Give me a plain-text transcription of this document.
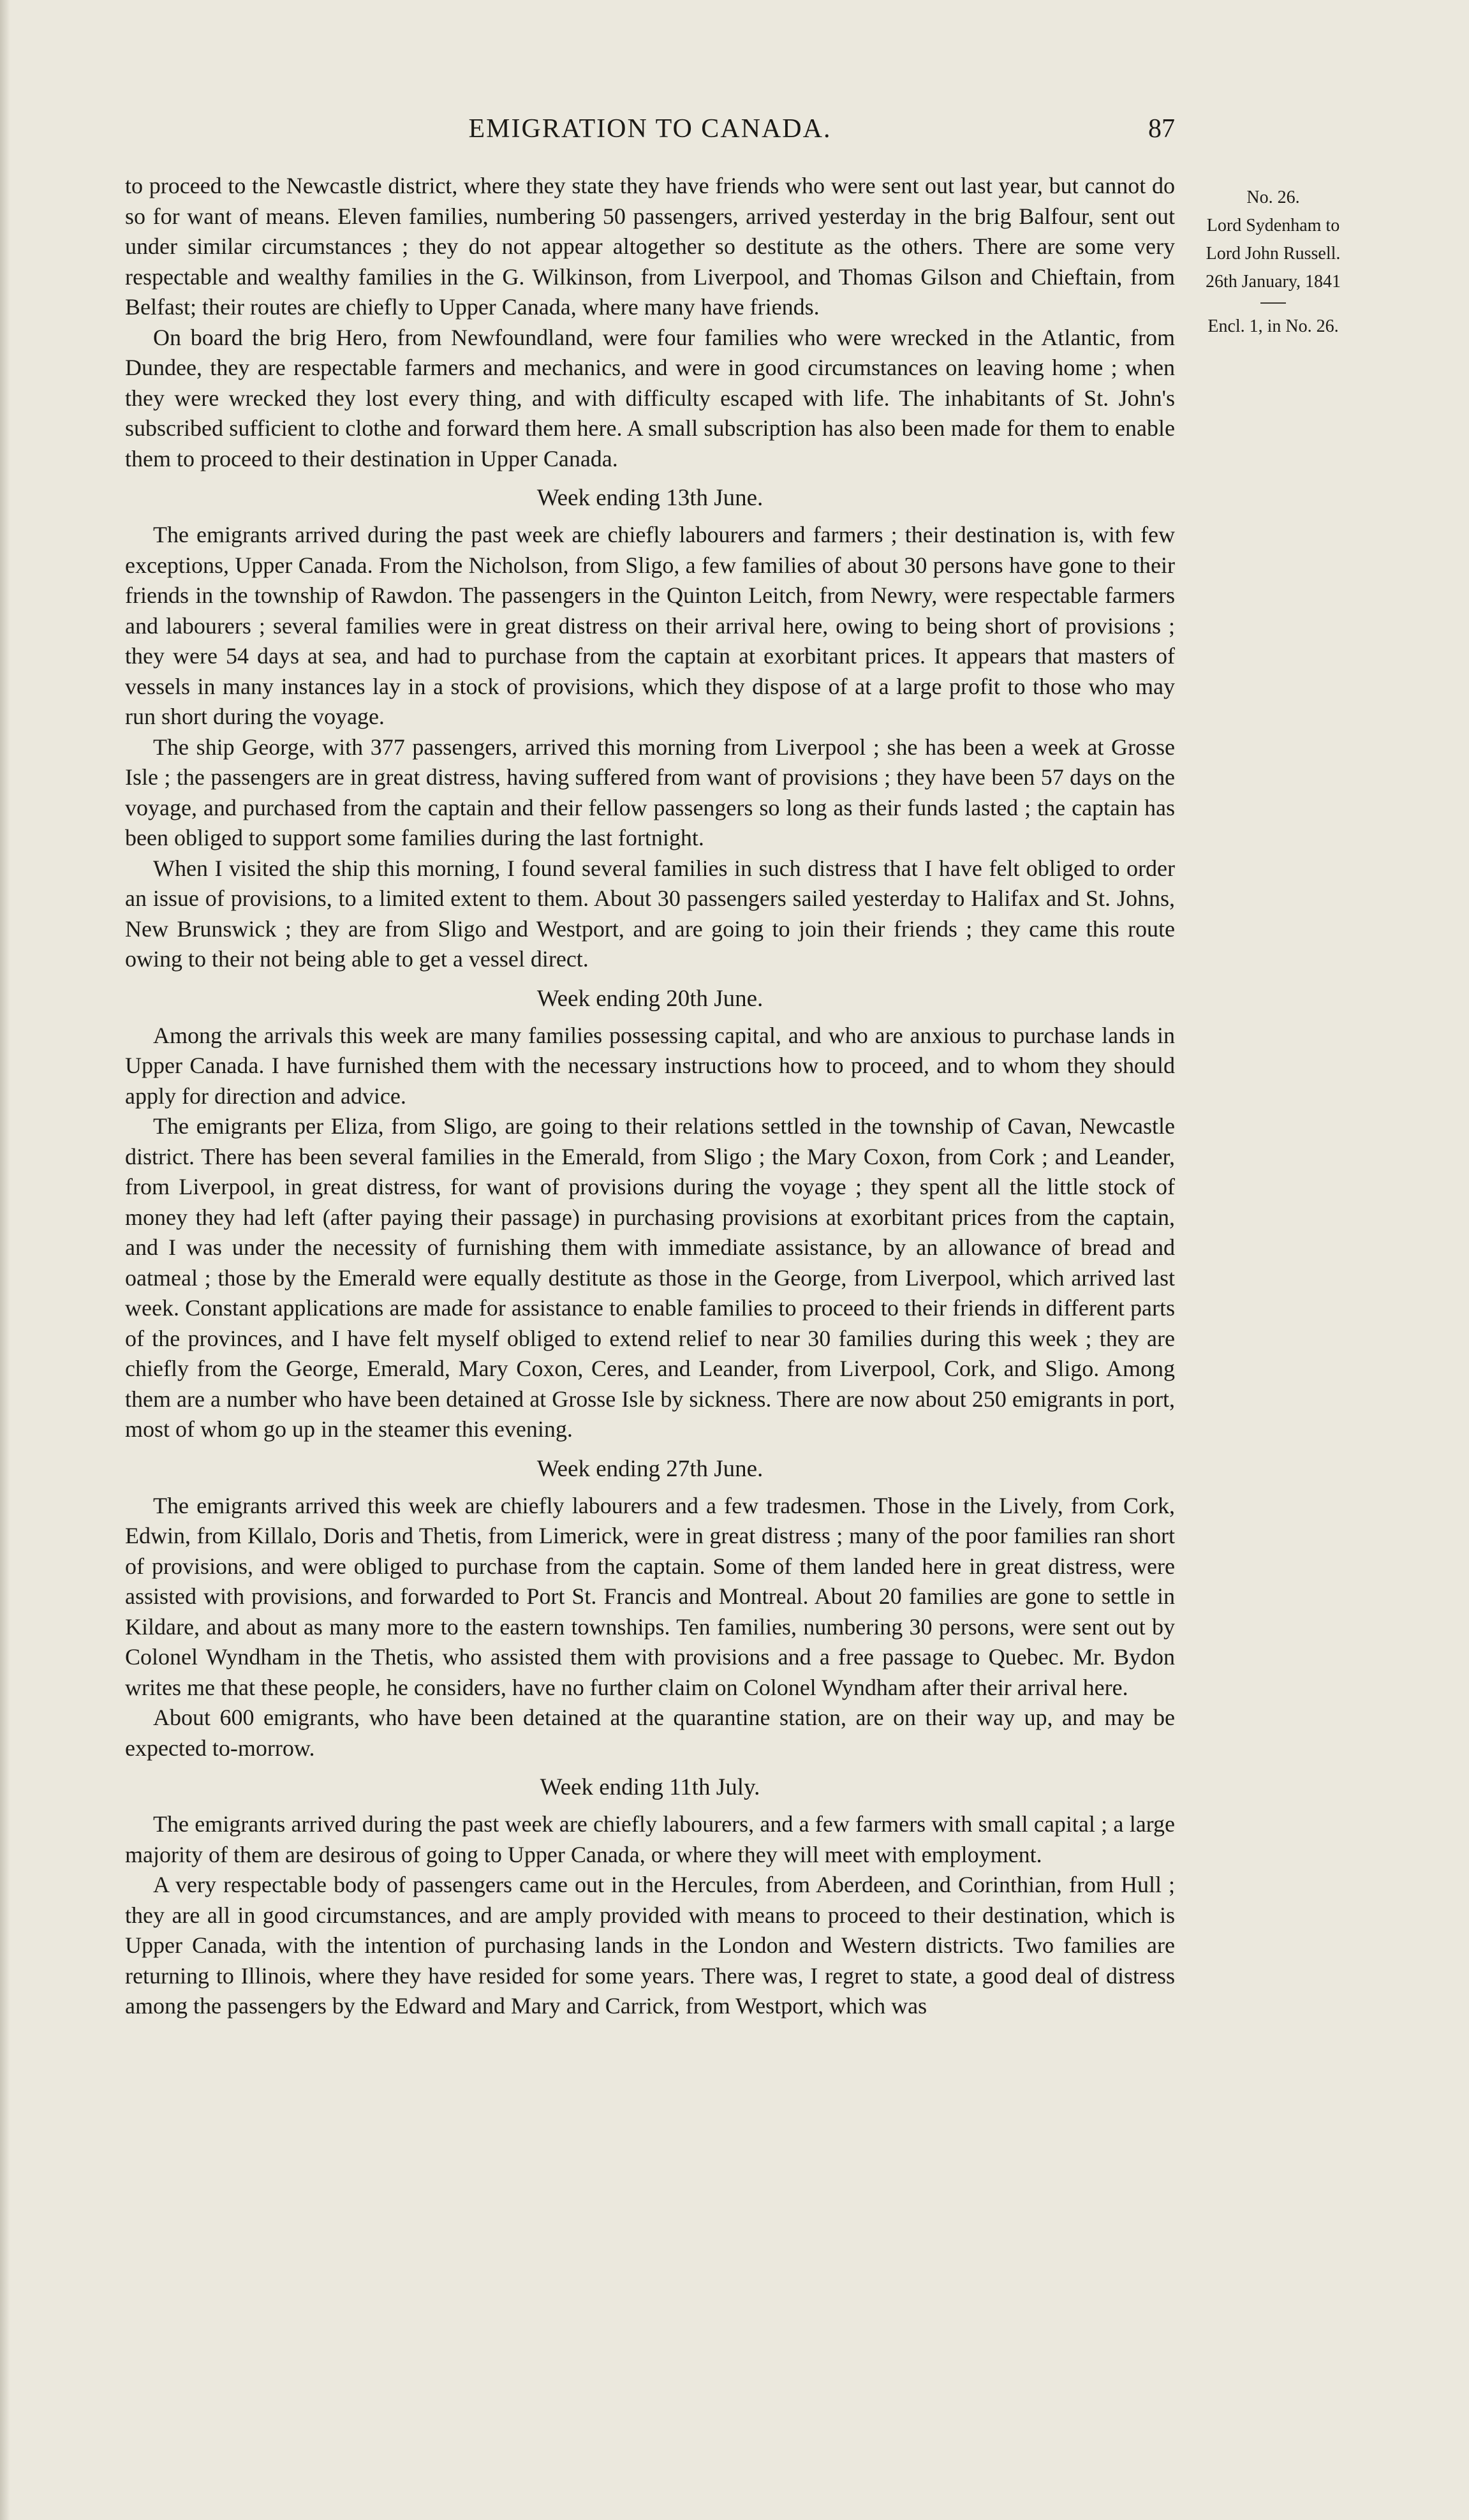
EMIGRATION TO CANADA.	87
No. 26.
Lord Sydenham to
Lord John Russell.
26th January, 1841
Encl. 1, in No. 26.

to proceed to the Newcastle district, where they state they have friends who were sent out last year, but cannot do so for want of means. Eleven families, numbering 50 passengers, arrived yesterday in the brig Balfour, sent out under similar circumstances ; they do not appear altogether so destitute as the others. There are some very respectable and wealthy families in the G. Wilkinson, from Liverpool, and Thomas Gilson and Chieftain, from Belfast; their routes are chiefly to Upper Canada, where many have friends.

On board the brig Hero, from Newfoundland, were four families who were wrecked in the Atlantic, from Dundee, they are respectable farmers and mechanics, and were in good circumstances on leaving home ; when they were wrecked they lost every thing, and with difficulty escaped with life. The inhabitants of St. John's subscribed sufficient to clothe and forward them here. A small subscription has also been made for them to enable them to proceed to their destination in Upper Canada.

Week ending 13th June.

The emigrants arrived during the past week are chiefly labourers and farmers ; their destination is, with few exceptions, Upper Canada. From the Nicholson, from Sligo, a few families of about 30 persons have gone to their friends in the township of Rawdon. The passengers in the Quinton Leitch, from Newry, were respectable farmers and labourers ; several families were in great distress on their arrival here, owing to being short of provisions ; they were 54 days at sea, and had to purchase from the captain at exorbitant prices. It appears that masters of vessels in many instances lay in a stock of provisions, which they dispose of at a large profit to those who may run short during the voyage.

The ship George, with 377 passengers, arrived this morning from Liverpool ; she has been a week at Grosse Isle ; the passengers are in great distress, having suffered from want of provisions ; they have been 57 days on the voyage, and purchased from the captain and their fellow passengers so long as their funds lasted ; the captain has been obliged to support some families during the last fortnight.

When I visited the ship this morning, I found several families in such distress that I have felt obliged to order an issue of provisions, to a limited extent to them. About 30 passengers sailed yesterday to Halifax and St. Johns, New Brunswick ; they are from Sligo and Westport, and are going to join their friends ; they came this route owing to their not being able to get a vessel direct.

Week ending 20th June.

Among the arrivals this week are many families possessing capital, and who are anxious to purchase lands in Upper Canada. I have furnished them with the necessary instructions how to proceed, and to whom they should apply for direction and advice.

The emigrants per Eliza, from Sligo, are going to their relations settled in the township of Cavan, Newcastle district. There has been several families in the Emerald, from Sligo ; the Mary Coxon, from Cork ; and Leander, from Liverpool, in great distress, for want of provisions during the voyage ; they spent all the little stock of money they had left (after paying their passage) in purchasing provisions at exorbitant prices from the captain, and I was under the necessity of furnishing them with immediate assistance, by an allowance of bread and oatmeal ; those by the Emerald were equally destitute as those in the George, from Liverpool, which arrived last week. Constant applications are made for assistance to enable families to proceed to their friends in different parts of the provinces, and I have felt myself obliged to extend relief to near 30 families during this week ; they are chiefly from the George, Emerald, Mary Coxon, Ceres, and Leander, from Liverpool, Cork, and Sligo. Among them are a number who have been detained at Grosse Isle by sickness. There are now about 250 emigrants in port, most of whom go up in the steamer this evening.

Week ending 27th June.

The emigrants arrived this week are chiefly labourers and a few tradesmen. Those in the Lively, from Cork, Edwin, from Killalo, Doris and Thetis, from Limerick, were in great distress ; many of the poor families ran short of provisions, and were obliged to purchase from the captain. Some of them landed here in great distress, were assisted with provisions, and forwarded to Port St. Francis and Montreal. About 20 families are gone to settle in Kildare, and about as many more to the eastern townships. Ten families, numbering 30 persons, were sent out by Colonel Wyndham in the Thetis, who assisted them with provisions and a free passage to Quebec. Mr. Bydon writes me that these people, he considers, have no further claim on Colonel Wyndham after their arrival here.

About 600 emigrants, who have been detained at the quarantine station, are on their way up, and may be expected to-morrow.

Week ending 11th July.

The emigrants arrived during the past week are chiefly labourers, and a few farmers with small capital ; a large majority of them are desirous of going to Upper Canada, or where they will meet with employment.

A very respectable body of passengers came out in the Hercules, from Aberdeen, and Corinthian, from Hull ; they are all in good circumstances, and are amply provided with means to proceed to their destination, which is Upper Canada, with the intention of purchasing lands in the London and Western districts. Two families are returning to Illinois, where they have resided for some years. There was, I regret to state, a good deal of distress among the passengers by the Edward and Mary and Carrick, from Westport, which was
